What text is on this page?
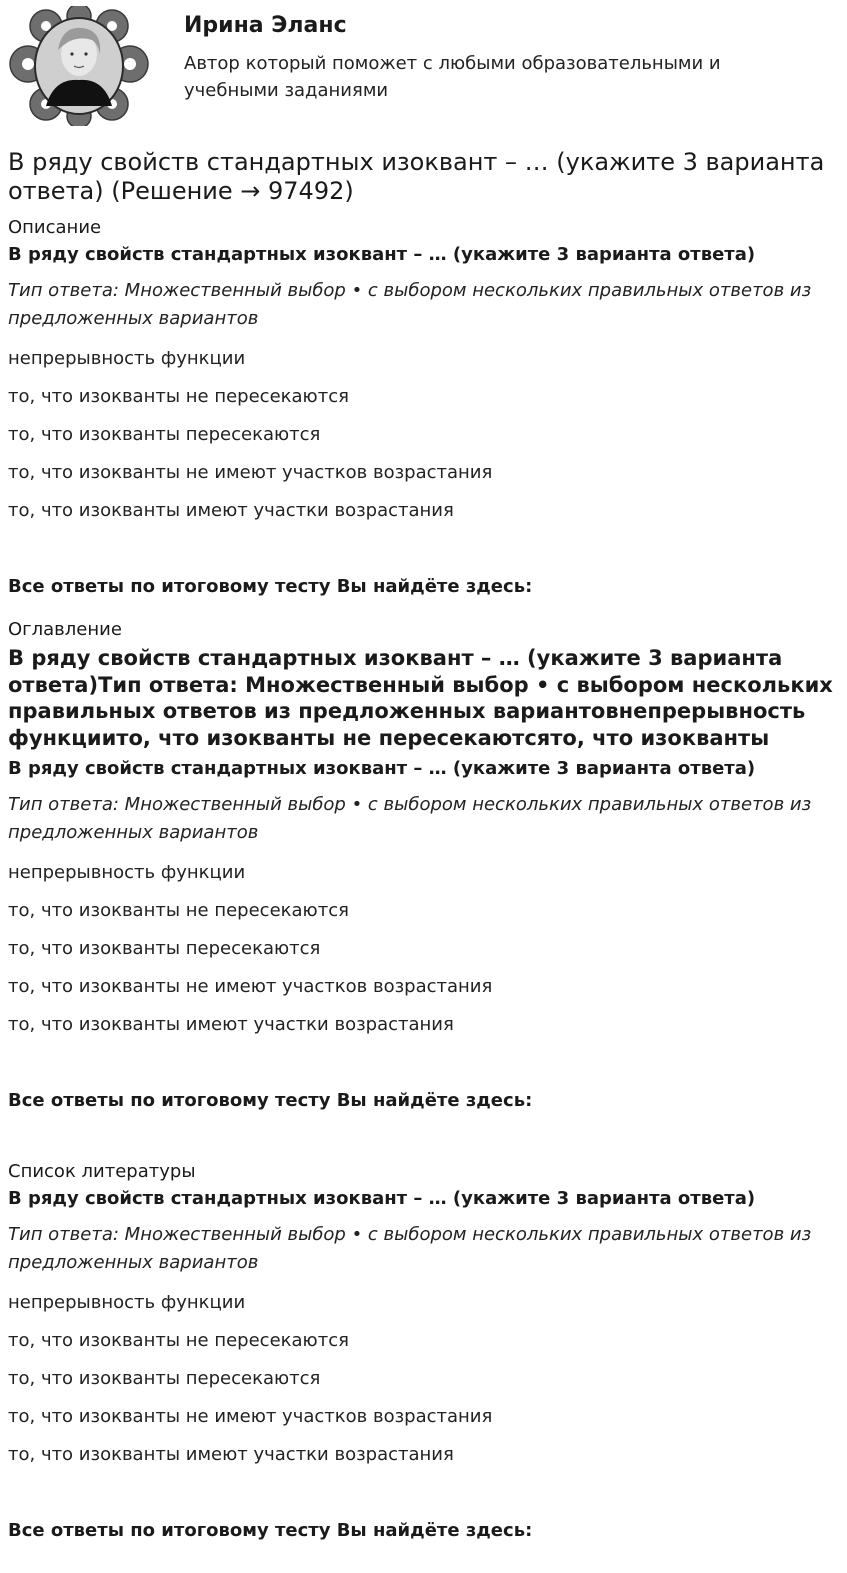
Ирина Эланс
Автор который поможет с любыми образовательными и учебными заданиями
В ряду свойств стандартных изоквант – … (укажите 3 варианта ответа) (Решение → 97492)
Описание
В ряду свойств стандартных изоквант – … (укажите 3 варианта ответа)
Тип ответа: Множественный выбор • с выбором нескольких правильных ответов из предложенных вариантов
непрерывность функции
то, что изокванты не пересекаются
то, что изокванты пересекаются
то, что изокванты не имеют участков возрастания
то, что изокванты имеют участки возрастания
Все ответы по итоговому тесту Вы найдёте здесь:
Оглавление
В ряду свойств стандартных изоквант – … (укажите 3 варианта ответа)Тип ответа: Множественный выбор • с выбором нескольких правильных ответов из предложенных вариантовнепрерывность функциито, что изокванты не пересекаютсято, что изокванты
В ряду свойств стандартных изоквант – … (укажите 3 варианта ответа)
Тип ответа: Множественный выбор • с выбором нескольких правильных ответов из предложенных вариантов
непрерывность функции
то, что изокванты не пересекаются
то, что изокванты пересекаются
то, что изокванты не имеют участков возрастания
то, что изокванты имеют участки возрастания
Все ответы по итоговому тесту Вы найдёте здесь:
Список литературы
В ряду свойств стандартных изоквант – … (укажите 3 варианта ответа)
Тип ответа: Множественный выбор • с выбором нескольких правильных ответов из предложенных вариантов
непрерывность функции
то, что изокванты не пересекаются
то, что изокванты пересекаются
то, что изокванты не имеют участков возрастания
то, что изокванты имеют участки возрастания
Все ответы по итоговому тесту Вы найдёте здесь:
